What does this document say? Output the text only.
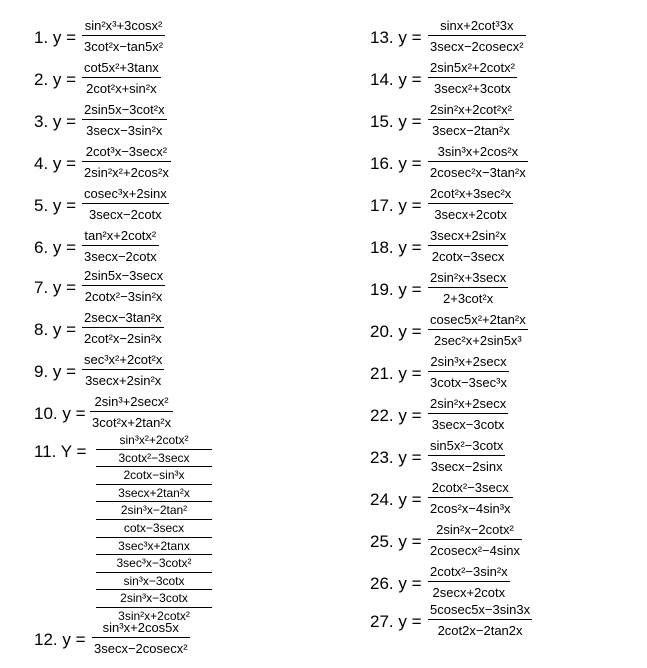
1. $y = \frac{\text{sin²x³+3cosx²}}{\text{3cot²x−tan5x²}}$
2. $y = \frac{\text{cot5x²+3tanx}}{\text{2cot²x+sin²x}}$
3. y =
2sin5x−3cot²x
3secx−3sin²x
4. y =
2cot³x−3secx²
2sin²x²+2cos²x
5. y =
cosec³x+2sinx
3secx−2cotx
6. y =
tan²x+2cotx²
3secx−2cotx
7. y =
2sin5x−3secx
2cotx²−3sin²x
8. y =
2secx−3tan²x
2cot²x−2sin²x
9. y =
sec³x²+2cot²x
3secx+2sin²x
10. y =
2sin³+2secx²
3cot²x+2tan²x
11. Y =
sin³x²+2cotx²
3cotx²−3secx
2cotx−sin³x
3secx+2tan²x
2sin³x−2tan²
cotx−3secx
3sec³x+2tanx
3sec³x−3cotx²
sin³x−3cotx
2sin³x−3cotx
3sin²x+2cotx²
12. y =
sin³x+2cos5x
3secx−2cosecx²
13. y =
sinx+2cot³3x
3secx−2cosecx²
14. y =
2sin5x²+2cotx²
3secx²+3cotx
15. y =
2sin²x+2cot²x²
3secx−2tan²x
16. $y = \frac{\text{3sin³x+2cos²x}}{\text{2cosec²x−3tan²x}}$
17. y =
2cot²x+3sec²x
3secx+2cotx
18. y =
3secx+2sin²x
2cotx−3secx
19. y =
2sin²x+3secx
2+3cot²x
20. y =
cosec5x²+2tan²x
2sec²x+2sin5x³
21. y =
2sin³x+2secx
3cotx−3sec³x
22. y =
2sin²x+2secx
3secx−3cotx
23. y =
sin5x²−3cotx
3secx−2sinx
24. y =
2cotx²−3secx
2cos²x−4sin³x
25. y =
2sin²x−2cotx²
2cosecx²−4sinx
26. y =
2cotx²−3sin²x
2secx+2cotx
27. $y = \frac{5cosec5x-3\sin 3x}{2\cot 2x-2\tan 2x}$
